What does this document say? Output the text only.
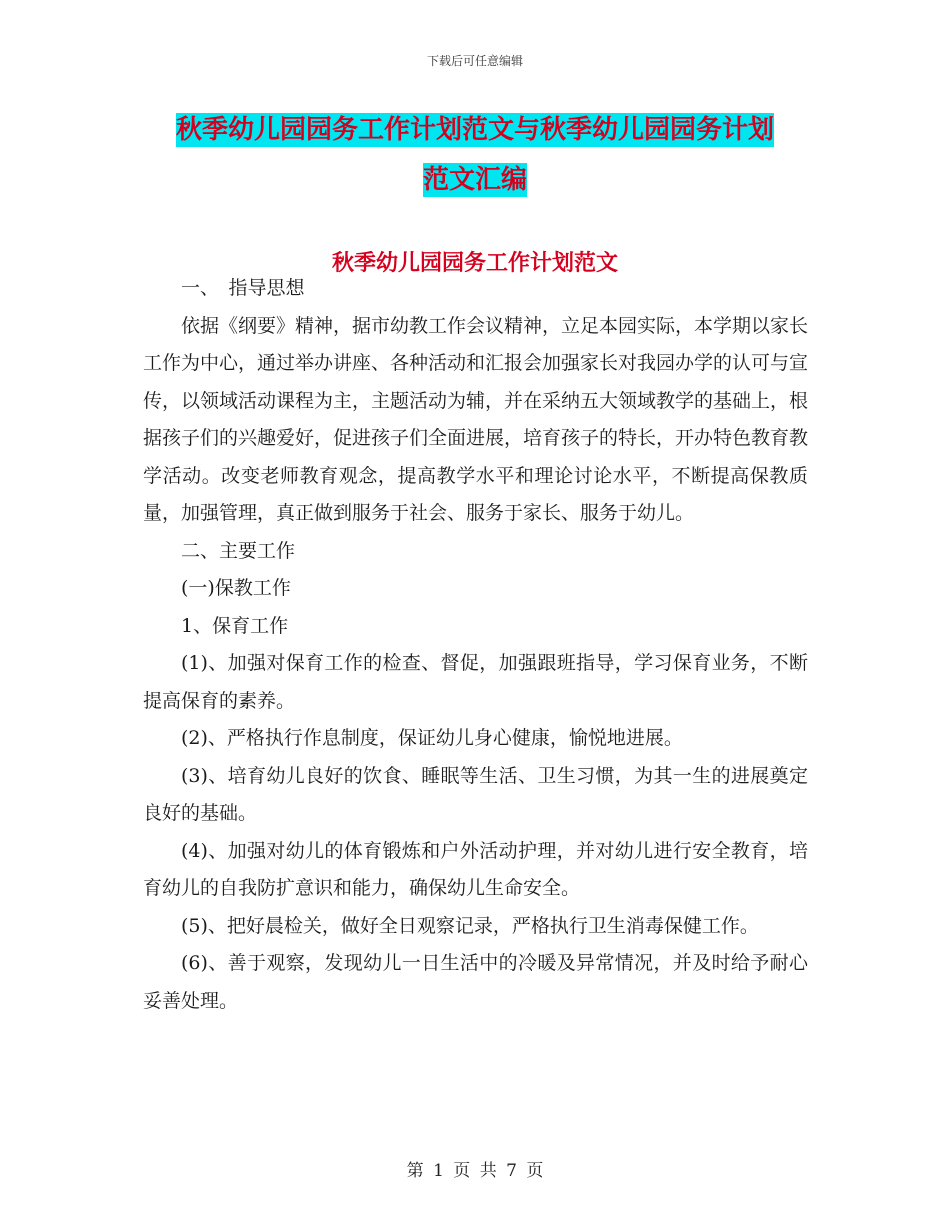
下载后可任意编辑
秋季幼儿园园务工作计划范文与秋季幼儿园园务计划
范文汇编
秋季幼儿园园务工作计划范文

一、　指导思想

依据《纲要》精神，据市幼教工作会议精神，立足本园实际，本学期以家长工作为中心，通过举办讲座、各种活动和汇报会加强家长对我园办学的认可与宣传，以领域活动课程为主，主题活动为辅，并在采纳五大领域教学的基础上，根据孩子们的兴趣爱好，促进孩子们全面进展，培育孩子的特长，开办特色教育教学活动。改变老师教育观念，提高教学水平和理论讨论水平，不断提高保教质量，加强管理，真正做到服务于社会、服务于家长、服务于幼儿。

二、主要工作

(一)保教工作

1、保育工作

(1)、加强对保育工作的检查、督促，加强跟班指导，学习保育业务，不断提高保育的素养。

(2)、严格执行作息制度，保证幼儿身心健康，愉悦地进展。

(3)、培育幼儿良好的饮食、睡眠等生活、卫生习惯，为其一生的进展奠定良好的基础。

(4)、加强对幼儿的体育锻炼和户外活动护理，并对幼儿进行安全教育，培育幼儿的自我防扩意识和能力，确保幼儿生命安全。

(5)、把好晨检关，做好全日观察记录，严格执行卫生消毒保健工作。

(6)、善于观察，发现幼儿一日生活中的冷暖及异常情况，并及时给予耐心妥善处理。

第 1 页 共 7 页
